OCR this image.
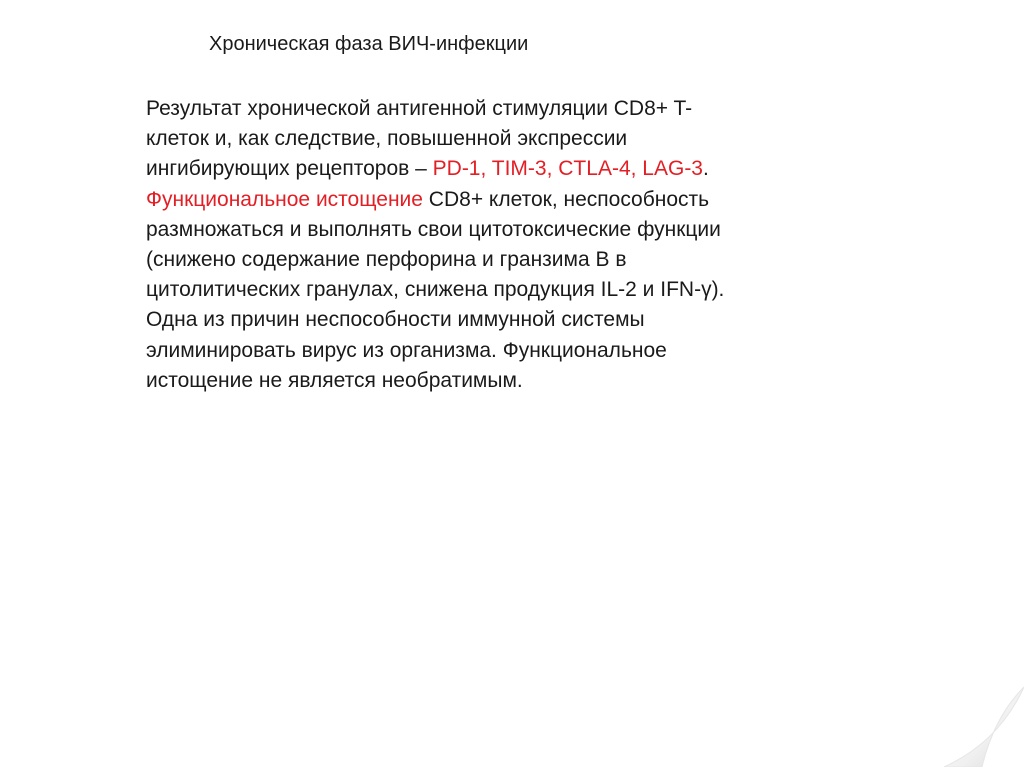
Хроническая фаза ВИЧ-инфекции
Результат хронической антигенной стимуляции CD8+ T-
клеток и, как следствие, повышенной экспрессии
ингибирующих рецепторов – PD-1, TIM-3, CTLA-4, LAG-3.
Функциональное истощение CD8+ клеток, неспособность
размножаться и выполнять свои цитотоксические функции
(снижено содержание перфорина и гранзима B в
цитолитических гранулах, снижена продукция IL-2 и IFN-γ).
Одна из причин неспособности иммунной системы
элиминировать вирус из организма. Функциональное
истощение не является необратимым.
